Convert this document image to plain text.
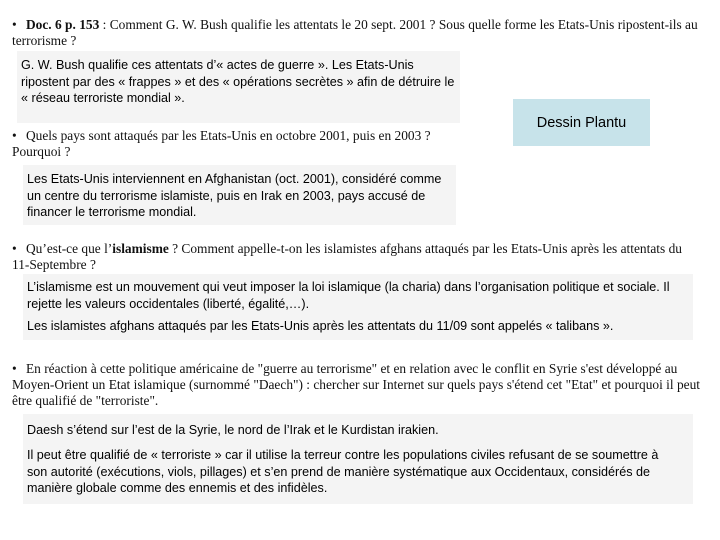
• Doc. 6 p. 153 : Comment G. W. Bush qualifie les attentats le 20 sept. 2001 ? Sous quelle forme les Etats-Unis ripostent-ils au terrorisme ?
G. W. Bush qualifie ces attentats d’« actes de guerre ». Les Etats-Unis ripostent par des « frappes » et des « opérations secrètes » afin de détruire le « réseau terroriste mondial ».
Dessin Plantu
• Quels pays sont attaqués par les Etats-Unis en octobre 2001, puis en 2003 ? Pourquoi ?
Les Etats-Unis interviennent en Afghanistan (oct. 2001), considéré comme un centre du terrorisme islamiste, puis en Irak en 2003, pays accusé de financer le terrorisme mondial.
• Qu’est-ce que l’islamisme ? Comment appelle-t-on les islamistes afghans attaqués par les Etats-Unis après les attentats du 11-Septembre ?
L’islamisme est un mouvement qui veut imposer la loi islamique (la charia) dans l’organisation politique et sociale. Il rejette les valeurs occidentales (liberté, égalité,…).
Les islamistes afghans attaqués par les Etats-Unis après les attentats du 11/09 sont appelés « talibans ».
• En réaction à cette politique américaine de "guerre au terrorisme" et en relation avec le conflit en Syrie s'est développé au Moyen-Orient un Etat islamique (surnommé "Daech") : chercher sur Internet sur quels pays s'étend cet "Etat" et pourquoi il peut être qualifié de "terroriste".
Daesh s’étend sur l’est de la Syrie, le nord de l’Irak et le Kurdistan irakien.
Il peut être qualifié de « terroriste » car il utilise la terreur contre les populations civiles refusant de se soumettre à son autorité (exécutions, viols, pillages) et s’en prend de manière systématique aux Occidentaux, considérés de manière globale comme des ennemis et des infidèles.
